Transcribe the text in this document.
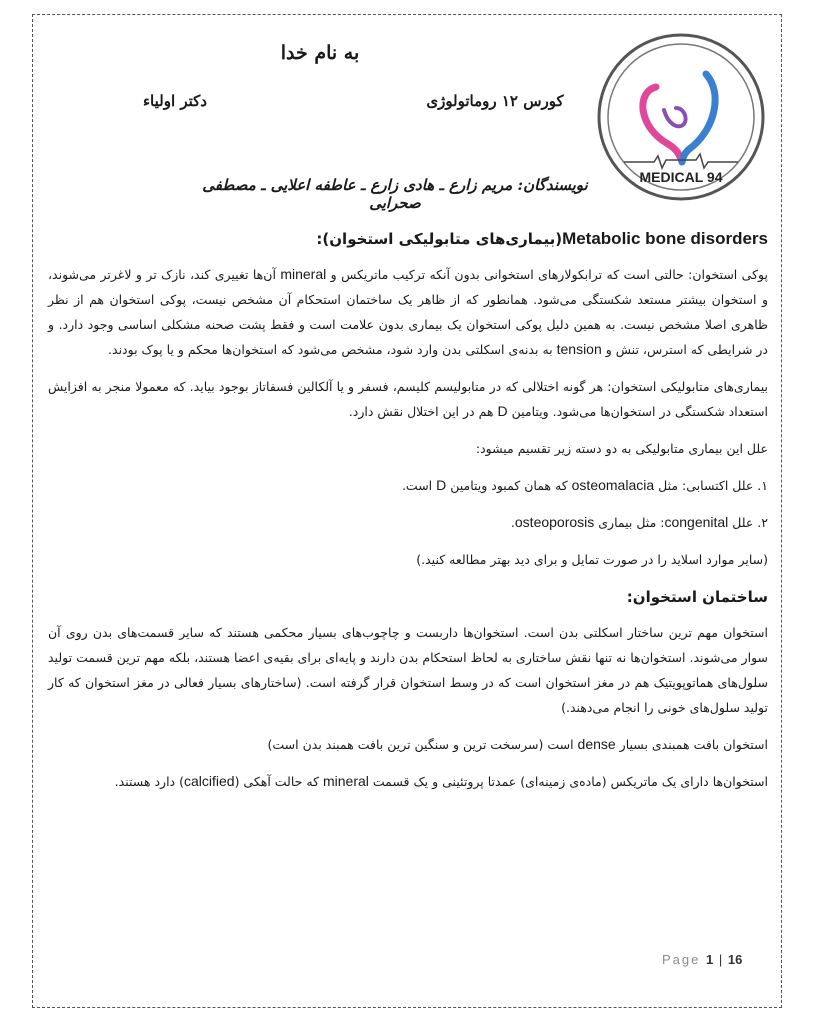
به نام خدا
دکتر اولیاء	کورس ۱۲ روماتولوژی
نویسندگان: مریم زارع ـ هادی زارع ـ عاطفه اعلایی ـ مصطفی صحرایی
MEDICAL 94
Metabolic bone disorders(بیماری‌های متابولیکی استخوان):

پوکی استخوان: حالتی است که ترابکولارهای استخوانی بدون آنکه ترکیب ماتریکس و mineral آن‌ها تغییری کند، نازک تر و لاغرتر می‌شوند، و استخوان بیشتر مستعد شکستگی می‌شود. همانطور که از ظاهر یک ساختمان استحکام آن مشخص نیست، پوکی استخوان هم از نظر ظاهری اصلا مشخص نیست. به همین دلیل پوکی استخوان یک بیماری بدون علامت است و فقط پشت صحنه مشکلی اساسی وجود دارد. و در شرایطی که استرس، تنش و tension به بدنه‌ی اسکلتی بدن وارد شود، مشخص می‌شود که استخوان‌ها محکم و یا پوک بودند.

بیماری‌های متابولیکی استخوان: هر گونه اختلالی که در متابولیسم کلیسم، فسفر و یا آلکالین فسفاتاز بوجود بیاید. که معمولا منجر به افزایش استعداد شکستگی در استخوان‌ها می‌شود. ویتامین D هم در این اختلال نقش دارد.

علل این بیماری متابولیکی به دو دسته زیر تقسیم میشود:

۱. علل اکتسابی: مثل osteomalacia که همان کمبود ویتامین D است.

۲. علل congenital: مثل بیماری osteoporosis.

(سایر موارد اسلاید را در صورت تمایل و برای دید بهتر مطالعه کنید.)

ساختمان استخوان:

استخوان مهم ترین ساختار اسکلتی بدن است. استخوان‌ها داربست و چاچوب‌های بسیار محکمی هستند که سایر قسمت‌های بدن روی آن سوار می‌شوند. استخوان‌ها نه تنها نقش ساختاری به لحاظ استحکام بدن دارند و پایه‌ای برای بقیه‌ی اعضا هستند، بلکه مهم ترین قسمت تولید سلول‌های هماتوپویتیک هم در مغز استخوان است که در وسط استخوان قرار گرفته است. (ساختارهای بسیار فعالی در مغز استخوان که کار تولید سلول‌های خونی را انجام می‌دهند.)

استخوان بافت همبندی بسیار dense است (سرسخت ترین و سنگین ترین بافت همبند بدن است)

استخوان‌ها دارای یک ماتریکس (ماده‌ی زمینه‌ای) عمدتا پروتئینی و یک قسمت mineral که حالت آهکی (calcified) دارد هستند.

Page 1 | 16
